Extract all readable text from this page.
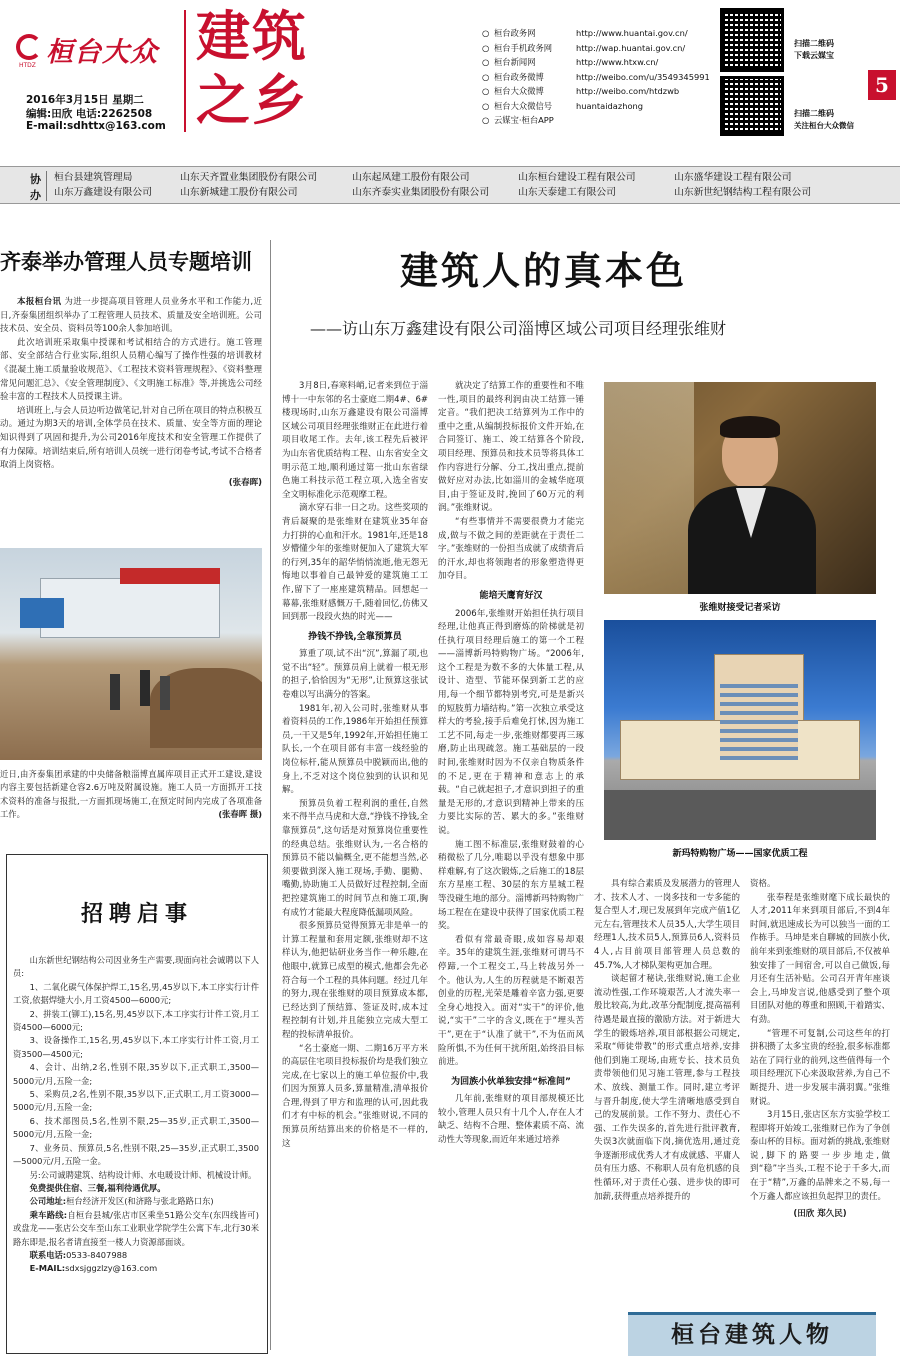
桓台大众
HTDZ
2016年3月15日 星期二
编辑:田欣 电话:2262508
E-mail:sdhttx@163.com
建筑
之乡
○ 桓台政务网	http://www.huantai.gov.cn/
○ 桓台手机政务网	http://wap.huantai.gov.cn/
○ 桓台新闻网	http://www.htxw.cn/
○ 桓台政务微博	http://weibo.com/u/3549345991
○ 桓台大众微博	http://weibo.com/htdzwb
○ 桓台大众微信号	huantaidazhong
○ 云媒宝·桓台APP
扫描二维码
下载云媒宝
扫描二维码
关注桓台大众微信
5
协
办
桓台县建筑管理局	山东天齐置业集团股份有限公司	山东起凤建工股份有限公司	山东桓台建设工程有限公司	山东盛华建设工程有限公司
山东万鑫建设有限公司	山东新城建工股份有限公司	山东齐泰实业集团股份有限公司	山东天泰建工有限公司	山东新世纪钢结构工程有限公司
齐泰举办管理人员专题培训

本报桓台讯 为进一步提高项目管理人员业务水平和工作能力,近日,齐泰集团组织举办了工程管理人员技术、质量及安全培训班。公司技术员、安全员、资料员等100余人参加培训。

此次培训班采取集中授课和考试相结合的方式进行。施工管理部、安全部结合行业实际,组织人员精心编写了操作性强的培训教材《混凝土施工质量验收规范》、《工程技术资料管理规程》、《资料整理常见问题汇总》、《安全管理制度》、《文明施工标准》等,并挑选公司经验丰富的工程技术人员授课主讲。

培训班上,与会人员边听边做笔记,针对自己所在项目的特点积极互动。通过为期3天的培训,全体学员在技术、质量、安全等方面的理论知识得到了巩固和提升,为公司2016年度技术和安全管理工作提供了有力保障。培训结束后,所有培训人员统一进行闭卷考试,考试不合格者取消上岗资格。

(张春晖)
近日,由齐泰集团承建的中央储备粮淄博直属库项目正式开工建设,建设内容主要包括新建仓容2.6万吨及附属设施。施工人员一方面抓开工技术资料的准备与报批,一方面抓现场施工,在预定时间内完成了各项准备工作。	(张春晖 摄)
招聘启事

山东新世纪钢结构公司因业务生产需要,现面向社会诚聘以下人员:

1、二氧化碳气体保护焊工,15名,男,45岁以下,本工序实行计件工资,依据焊缝大小,月工资4500—6000元;

2、拼装工(铆工),15名,男,45岁以下,本工序实行计件工资,月工资4500—6000元;

3、设备操作工,15名,男,45岁以下,本工序实行计件工资,月工资3500—4500元;

4、会计、出纳,2名,性别不限,35岁以下,正式职工,3500—5000元/月,五险一金;

5、采购员,2名,性别不限,35岁以下,正式职工,月工资3000—5000元/月,五险一金;

6、技术部图员,5名,性别不限,25—35岁,正式职工,3500—5000元/月,五险一金;

7、业务员、预算员,5名,性别不限,25—35岁,正式职工,3500—5000元/月,五险一金。

另:公司诚聘建筑、结构设计师、水电暖设计师、机械设计师。

免费提供住宿、三餐,福利待遇优厚。

公司地址:桓台经济开发区(和济路与张北路路口东)

乘车路线:自桓台县城/张店市区乘坐51路公交车(东四线皆可)或盘龙——张店公交车至山东工业职业学院学生公寓下车,北行30米路东即是,报名者请直接至一楼人力资源部面谈。

联系电话:0533-8407988

E-MAIL:sdxsjggzlzy@163.com

建筑人的真本色
——访山东万鑫建设有限公司淄博区域公司项目经理张维财

3月8日,春寒料峭,记者来到位于淄博十一中东邻的名士豪庭二期4#、6#楼现场时,山东万鑫建设有限公司淄博区域公司项目经理张维财正在此进行着项目收尾工作。去年,该工程先后被评为山东省优质结构工程、山东省安全文明示范工地,顺利通过第一批山东省绿色施工科技示范工程立项,入选全省安全文明标准化示范观摩工程。

滴水穿石非一日之功。这些奖项的背后凝聚的是张维财在建筑业35年奋力打拼的心血和汗水。1981年,还是18岁懵懂少年的张维财便加入了建筑大军的行列,35年的韶华悄悄流逝,他无怨无悔地以事着自己最钟爱的建筑施工工作,留下了一座座建筑精品。回想起一幕幕,张维财感慨万千,随着回忆,仿佛又回到那一段段火热的时光——

挣钱不挣钱,全靠预算员

算重了项,试不出“沉”,算漏了项,也觉不出“轻”。预算员肩上就着一根无形的担子,恰恰因为“无形”,让预算这张试卷难以写出满分的答案。

1981年,初入公司时,张维财从事着资料员的工作,1986年开始担任预算员,一干又是5年,1992年,开始担任施工队长,一个在项目部有丰富一线经验的岗位标杆,能从预算员中脱颖而出,他的身上,不乏对这个岗位独到的认识和见解。

预算员负着工程利润的重任,自然来不得半点马虎和大意,“挣钱不挣钱,全靠预算员”,这句话是对预算岗位重要性的经典总结。张维财认为,一名合格的预算员不能以偏概全,更不能想当然,必须要做到深入施工现场,手勤、腿勤、嘴勤,协助施工人员做好过程控制,全面把控建筑施工的时间节点和施工项,胸有成竹才能最大程度降低漏项风险。

很多预算员觉得预算无非是单一的计算工程量和套用定额,张维财却不这样认为,他把钻研业务当作一种乐趣,在他眼中,就算已成型的模式,他都会先必符合每一个工程的具体问题。经过几年的努力,现在张维财的项目预算成本都,已经达到了预结算、签证及时,成本过程控制有计划,并且能独立完成大型工程的投标清单报价。

“名士豪庭一期、二期16万平方米的高层住宅项目投标报价均是我们独立完成,在七家以上的施工单位报价中,我们因为预算人员多,算量精准,清单报价合理,得到了甲方和监理的认可,因此我们才有中标的机会。”张维财说,不同的预算员所结算出来的价格是不一样的,这

就决定了结算工作的重要性和不唯一性,项目的最终利润由决工结算一锤定音。“我们把决工结算列为工作中的重中之重,从编制投标报价文件开始,在合同签订、施工、竣工结算各个阶段,项目经理、预算员和技术员等将具体工作内容进行分解、分工,找出重点,提前做好应对办法,比如淄川的金城华庭项目,由于签证及时,挽回了60万元的利润。”张维财说。

“有些事情并不需要很费力才能完成,做与不做之间的差距就在于责任二字。”张维财的一份担当成就了成绩背后的汗水,却也将领跑者的形象塑造得更加夺目。

能培天鹰育好汉

2006年,张维财开始担任执行项目经理,让他真正得到磨炼的阶梯就是初任执行项目经理后施工的第一个工程——淄博新玛特购物广场。“2006年,这个工程是为数不多的大体量工程,从设计、造型、节能环保到新工艺的应用,每一个细节都特别考究,可是是新兴的短肢剪力墙结构。”第一次独立承受这样大的考验,接手后难免打怵,因为施工工艺不同,每走一步,张维财都要再三琢磨,防止出现疏忽。施工基础层的一段时间,张维财时因为不仅亲自物质条件的不足,更在于精神和意志上的承载。“自己就起担子,才意识到担子的重量是无形的,才意识到精神上带来的压力要比实际的苦、累大的多。”张维财说。

施工图不标准层,张维财鼓着的心稍微松了几分,唯聪以乎没有想象中那样难解,有了这次锻炼,之后施工的18层东方星座工程、30层的东方星城工程等没碰生地的部分。淄博新玛特购物广场工程在在建设中获得了国家优质工程奖。

看似有常最奇眼,成如容易却艰辛。35年的建筑生涯,张维财可谓马不停蹄,一个工程交工,马上转战另外一个。他认为,人生的历程就是不断艰苦创业的历程,光荣是雕着辛富力强,更要全身心地投入。面对“实干”的评价,他说,“实干”二字的含义,既在于“埋头苦干”,更在于“认准了就干”,不为伍而风险所惧,不为任何干扰所阻,始终沿目标前进。

为回族小伙单独安排“标准间”

几年前,张维财的项目部规模还比较小,管理人员只有十几个人,存在人才缺乏、结构不合理、整体素质不高、流动性大等现象,而近年来通过培养

张维财接受记者采访
新玛特购物广场——国家优质工程

具有综合素质及发展潜力的管理人才、技术人才、一岗多技和一专多能的复合型人才,现已发展到年完成产值1亿元左右,管理技术人员35人,大学生项目经理1人,技术员5人,预算员6人,资料员4人,占目前项目部管理人员总数的45.7%,人才梯队架构更加合理。

谈起留才秘诀,张维财说,施工企业流动性强,工作环境艰苦,人才流失率一般比较高,为此,改革分配制度,提高福利待遇是最直接的激励方法。对于新进大学生的锻炼培养,项目部根据公司规定,采取“师徒带教”的形式重点培养,安排他们到施工现场,由班专长、技术员负责带领他们见习施工管理,参与工程技术、放线、测量工作。同时,建立考评与晋升制度,使大学生清晰地感受到自己的发展前景。工作不努力、责任心不强、工作失误多的,首先进行批评教育,失误3次就面临下岗,摘优选用,通过竞争逐渐形成优秀人才有成就感、平庸人员有压力感、不称职人员有危机感的良性循环,对于责任心强、进步快的即可加薪,获得重点培养提升的

资格。

张奉程是张维财麾下成长最快的人才,2011年来到项目部后,不到4年时间,就迅速成长为可以独当一面的工作栋手。马坤是来自聊城的回族小伙,前年来到张维财的项目部后,不仅被单独安排了一间宿舍,可以自己做饭,每月还有生活补贴。公司召开青年座谈会上,马坤发言说,他感受到了整个项目团队对他的尊重和照顾,干着踏实、有劲。

“管理不可复制,公司这些年的打拼积攒了太多宝贵的经验,很多标准都站在了同行业的前列,这些值得每一个项目经理沉下心来汲取营养,为自己不断提升、进一步发展丰满羽翼。”张维财说。

3月15日,张店区东方实验学校工程即将开始竣工,张维财已作为了争创泰山杯的目标。面对新的挑战,张维财说,脚下的路要一步步地走,做到“稳”字当头,工程不论于千多大,而在于“精”,万鑫的品牌来之不易,每一个万鑫人都应该担负起捍卫的责任。

(田欣 郑久民)
桓台建筑人物
